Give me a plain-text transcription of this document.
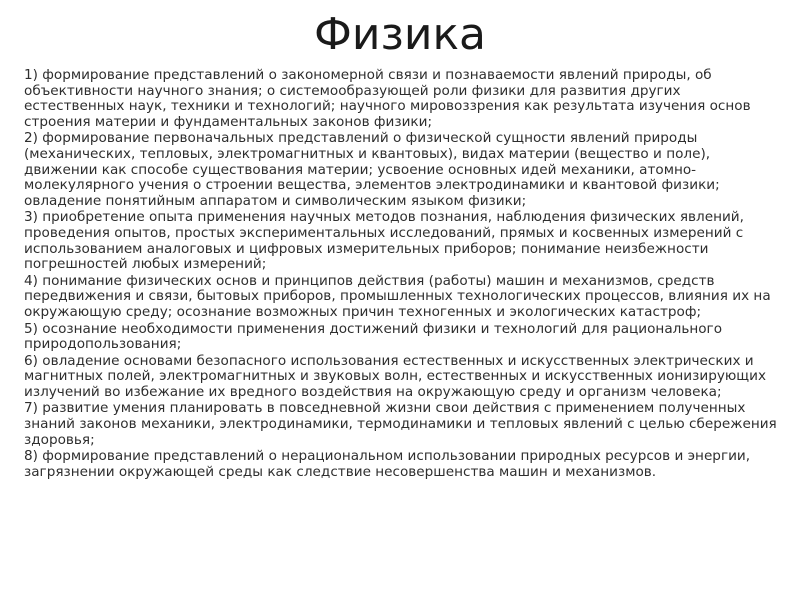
Физика
1) формирование представлений о закономерной связи и познаваемости явлений природы, об объективности научного знания; о системообразующей роли физики для развития других естественных наук, техники и технологий; научного мировоззрения как результата изучения основ строения материи и фундаментальных законов физики;
2) формирование первоначальных представлений о физической сущности явлений природы (механических, тепловых, электромагнитных и квантовых), видах материи (вещество и поле), движении как способе существования материи; усвоение основных идей механики, атомно-молекулярного учения о строении вещества, элементов электродинамики и квантовой физики; овладение понятийным аппаратом и символическим языком физики;
3) приобретение опыта применения научных методов познания, наблюдения физических явлений, проведения опытов, простых экспериментальных исследований, прямых и косвенных измерений с использованием аналоговых и цифровых измерительных приборов; понимание неизбежности погрешностей любых измерений;
4) понимание физических основ и принципов действия (работы) машин и механизмов, средств передвижения и связи, бытовых приборов, промышленных технологических процессов, влияния их на окружающую среду; осознание возможных причин техногенных и экологических катастроф;
5) осознание необходимости применения достижений физики и технологий для рационального природопользования;
6) овладение основами безопасного использования естественных и искусственных электрических и магнитных полей, электромагнитных и звуковых волн, естественных и искусственных ионизирующих излучений во избежание их вредного воздействия на окружающую среду и организм человека;
7) развитие умения планировать в повседневной жизни свои действия с применением полученных знаний законов механики, электродинамики, термодинамики и тепловых явлений с целью сбережения здоровья;
8) формирование представлений о нерациональном использовании природных ресурсов и энергии, загрязнении окружающей среды как следствие несовершенства машин и механизмов.
